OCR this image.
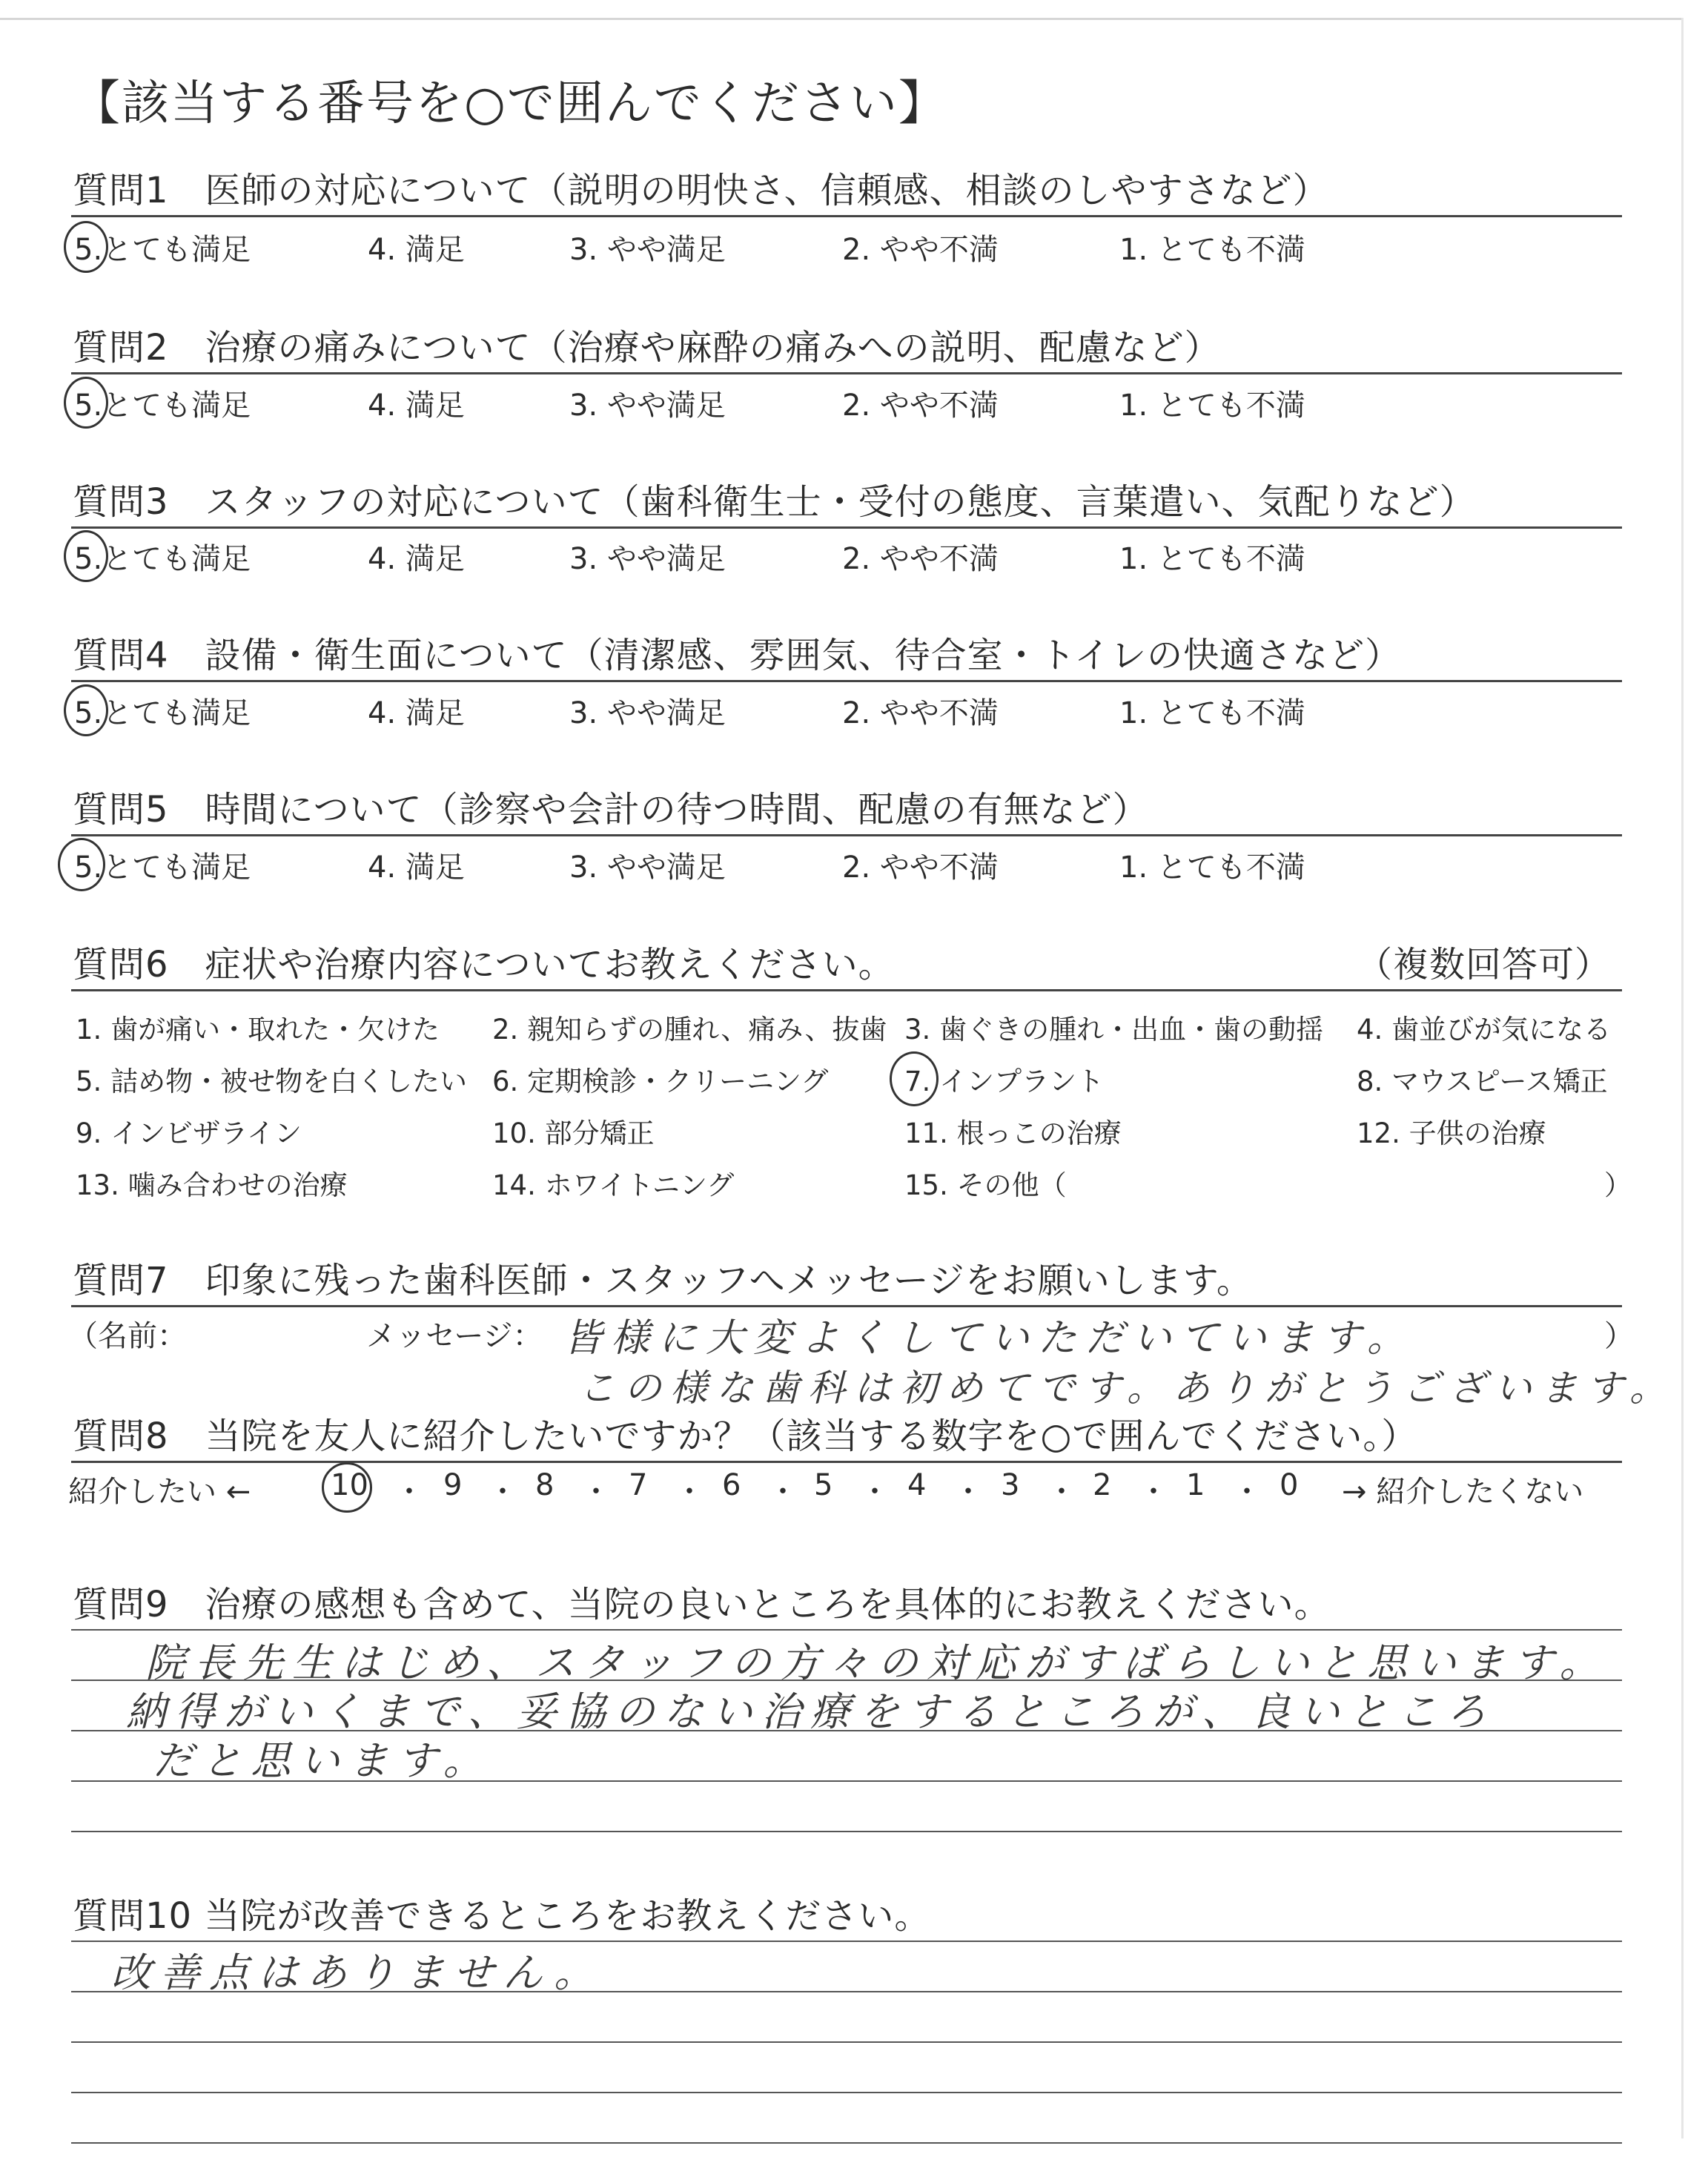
【該当する番号を○で囲んでください】
質問1　医師の対応について（説明の明快さ、信頼感、相談のしやすさなど）
5.とても満足	4. 満足	3. やや満足	2. やや不満	1. とても不満
質問2　治療の痛みについて（治療や麻酔の痛みへの説明、配慮など）
5.とても満足	4. 満足	3. やや満足	2. やや不満	1. とても不満
質問3　スタッフの対応について（歯科衛生士・受付の態度、言葉遣い、気配りなど）
5.とても満足	4. 満足	3. やや満足	2. やや不満	1. とても不満
質問4　設備・衛生面について（清潔感、雰囲気、待合室・トイレの快適さなど）
5.とても満足	4. 満足	3. やや満足	2. やや不満	1. とても不満
質問5　時間について（診察や会計の待つ時間、配慮の有無など）
5.とても満足	4. 満足	3. やや満足	2. やや不満	1. とても不満
質問6　症状や治療内容についてお教えください。	（複数回答可）
1. 歯が痛い・取れた・欠けた 2. 親知らずの腫れ、痛み、抜歯 3. 歯ぐきの腫れ・出血・歯の動揺 4. 歯並びが気になる
5. 詰め物・被せ物を白くしたい 6. 定期検診・クリーニング	7. インプラント	8. マウスピース矯正
9. インビザライン	10. 部分矯正	11. 根っこの治療	12. 子供の治療
13. 噛み合わせの治療	14. ホワイトニング	15. その他（	）
質問7　印象に残った歯科医師・スタッフへメッセージをお願いします。
（名前：	メッセージ：	）
皆様に大変よくしていただいています。
この様な歯科は初めてです。ありがとうございます。
質問8　当院を友人に紹介したいですか？（該当する数字を○で囲んでください。）
紹介したい ←	→ 紹介したくない
10 ・ 9 ・ 8 ・ 7 ・ 6 ・ 5 ・ 4 ・ 3 ・ 2 ・ 1 ・ 0
質問9　治療の感想も含めて、当院の良いところを具体的にお教えください。
院長先生はじめ、スタッフの方々の対応がすばらしいと思います。
納得がいくまで、妥協のない治療をするところが、良いところ
だと思います。
質問10 当院が改善できるところをお教えください。
改善点はありません。
